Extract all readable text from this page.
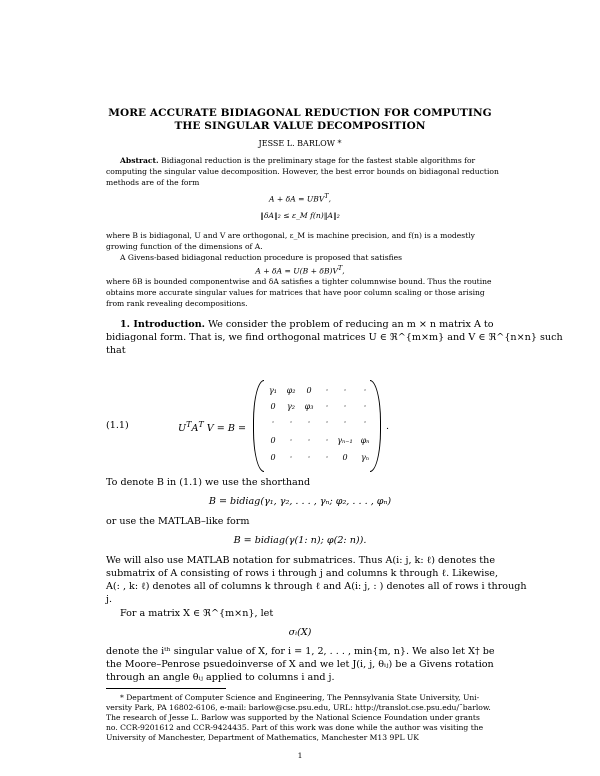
MORE ACCURATE BIDIAGONAL REDUCTION FOR COMPUTING
THE SINGULAR VALUE DECOMPOSITION
JESSE L. BARLOW *
Abstract. Bidiagonal reduction is the preliminary stage for the fastest stable algorithms for
computing the singular value decomposition. However, the best error bounds on bidiagonal reduction
methods are of the form
$A + \delta A = UBV^T$,
‖δA‖₂ ≤ ε_M f(n)‖A‖₂
where B is bidiagonal, U and V are orthogonal, ε_M is machine precision, and f(n) is a modestly
growing function of the dimensions of A.
A Givens-based bidiagonal reduction procedure is proposed that satisfies
$A + \delta A = U(B + \delta B)V^T$,
where δB is bounded componentwise and δA satisfies a tighter columnwise bound. Thus the routine
obtains more accurate singular values for matrices that have poor column scaling or those arising
from rank revealing decompositions.
1. Introduction. We consider the problem of reducing an m × n matrix A to
bidiagonal form. That is, we find orthogonal matrices U ∈ ℜ^{m×m} and V ∈ ℜ^{n×n} such
that
(1.1)	$U^TA^T$ V = B =
γ₁	φ₂	0	·	·	·
0	γ₂	φ₃	·	·	·
·	·	·	·	·	·
0	·	·	·	γₙ₋₁ φₙ
0	·	·	·	0	γₙ
.
To denote B in (1.1) we use the shorthand
B = bidiag(γ₁, γ₂, . . . , γₙ; φ₂, . . . , φₙ)
or use the MATLAB–like form
B = bidiag(γ(1: n); φ(2: n)).
We will also use MATLAB notation for submatrices. Thus A(i: j, k: ℓ) denotes the
submatrix of A consisting of rows i through j and columns k through ℓ. Likewise,
A(: , k: ℓ) denotes all of columns k through ℓ and A(i: j, : ) denotes all of rows i through
j.
For a matrix X ∈ ℜ^{m×n}, let
σᵢ(X)
denote the iᵗʰ singular value of X, for i = 1, 2, . . . , min{m, n}. We also let X† be
the Moore–Penrose psuedoinverse of X and we let J(i, j, θᵢⱼ) be a Givens rotation
through an angle θᵢⱼ applied to columns i and j.
* Department of Computer Science and Engineering, The Pennsylvania State University, Uni-
versity Park, PA 16802-6106, e-mail: barlow@cse.psu.edu, URL: http://translot.cse.psu.edu/˜barlow.
The research of Jesse L. Barlow was supported by the National Science Foundation under grants
no. CCR-9201612 and CCR-9424435. Part of this work was done while the author was visiting the
University of Manchester, Department of Mathematics, Manchester M13 9PL UK
1
